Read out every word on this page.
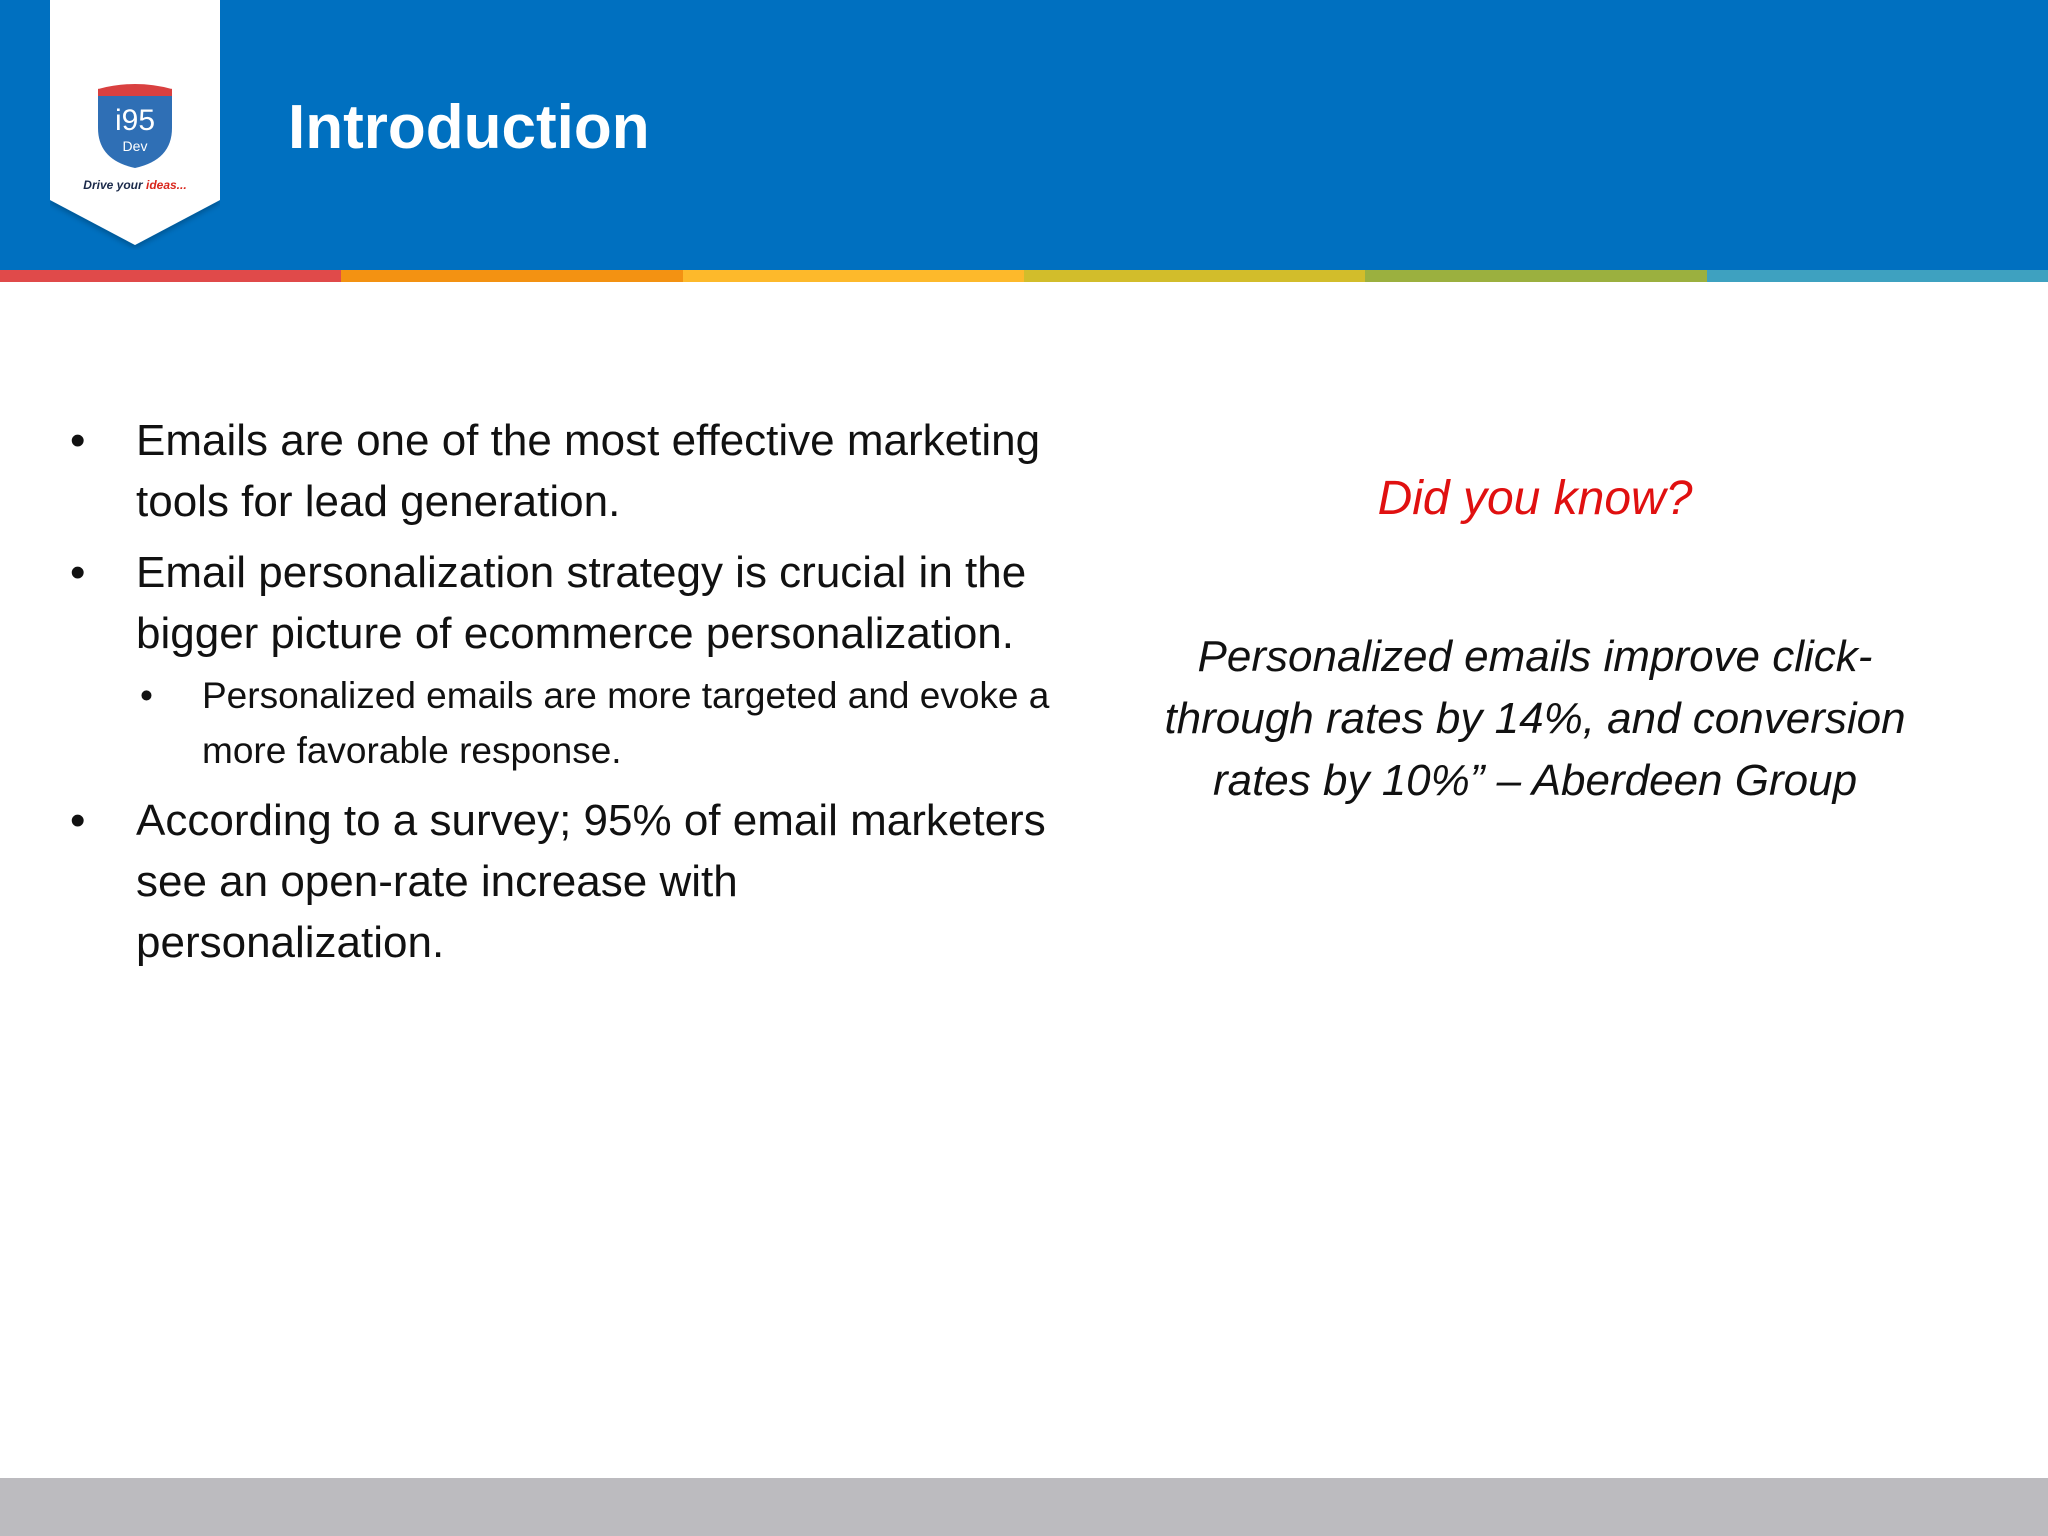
i95
Dev
Drive your ideas...
Introduction
• Emails are one of the most effective marketing tools for lead generation.
• Email personalization strategy is crucial in the bigger picture of ecommerce personalization.
• Personalized emails are more targeted and evoke a more favorable response.
• According to a survey; 95% of email marketers see an open-rate increase with personalization.
Did you know?
Personalized emails improve click-through rates by 14%, and conversion rates by 10%” – Aberdeen Group
